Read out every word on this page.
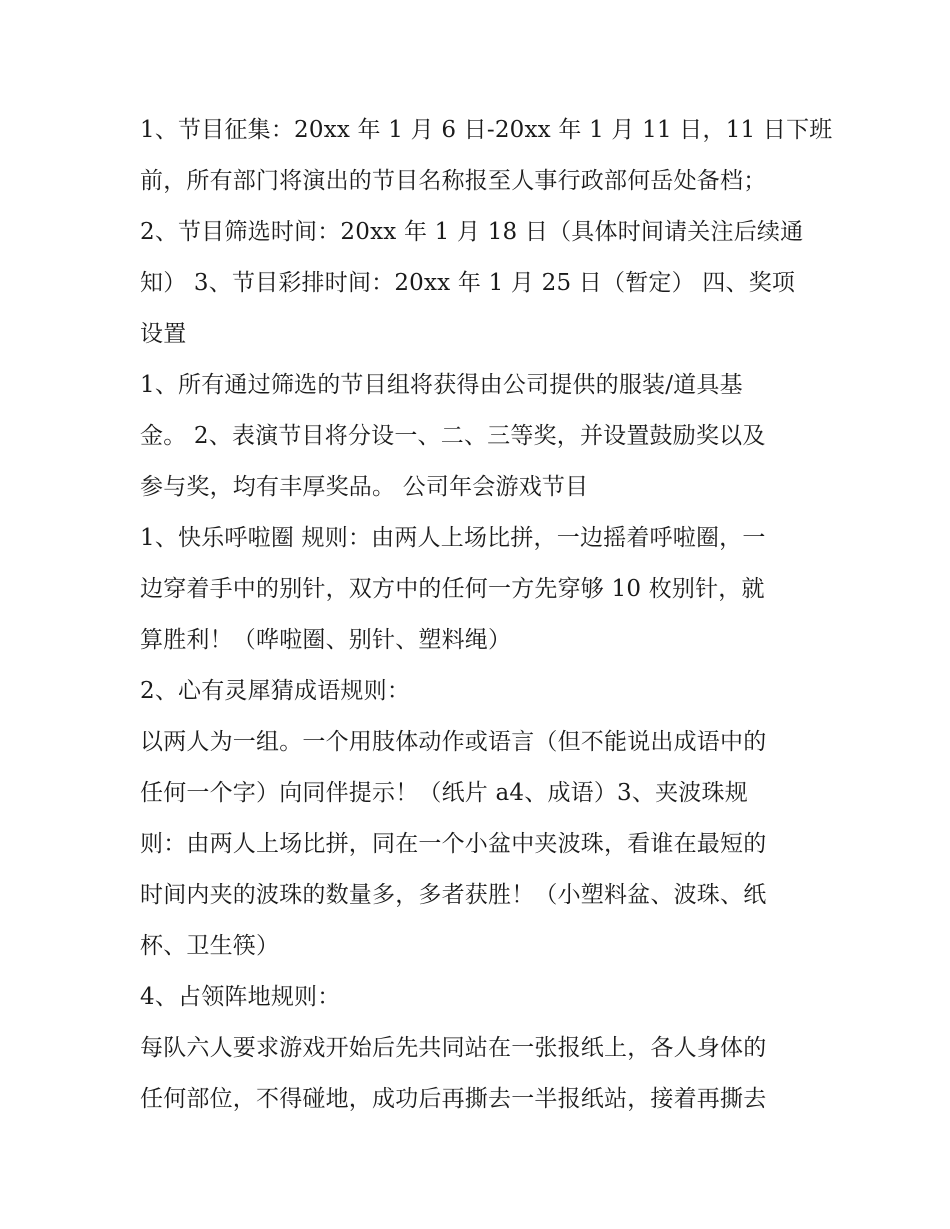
1、节目征集：20xx 年 1 月 6 日-20xx 年 1 月 11 日，11 日下班
前，所有部门将演出的节目名称报至人事行政部何岳处备档；
2、节目筛选时间：20xx 年 1 月 18 日（具体时间请关注后续通
知） 3、节目彩排时间：20xx 年 1 月 25 日（暂定） 四、奖项
设置
1、所有通过筛选的节目组将获得由公司提供的服装/道具基
金。 2、表演节目将分设一、二、三等奖，并设置鼓励奖以及
参与奖，均有丰厚奖品。 公司年会游戏节目
1、快乐呼啦圈 规则：由两人上场比拼，一边摇着呼啦圈，一
边穿着手中的别针，双方中的任何一方先穿够 10 枚别针，就
算胜利！（哗啦圈、别针、塑料绳）
2、心有灵犀猜成语规则：
以两人为一组。一个用肢体动作或语言（但不能说出成语中的
任何一个字）向同伴提示！（纸片 a4、成语）3、夹波珠规
则：由两人上场比拼，同在一个小盆中夹波珠，看谁在最短的
时间内夹的波珠的数量多，多者获胜！（小塑料盆、波珠、纸
杯、卫生筷）
4、占领阵地规则：
每队六人要求游戏开始后先共同站在一张报纸上，各人身体的
任何部位，不得碰地，成功后再撕去一半报纸站，接着再撕去
